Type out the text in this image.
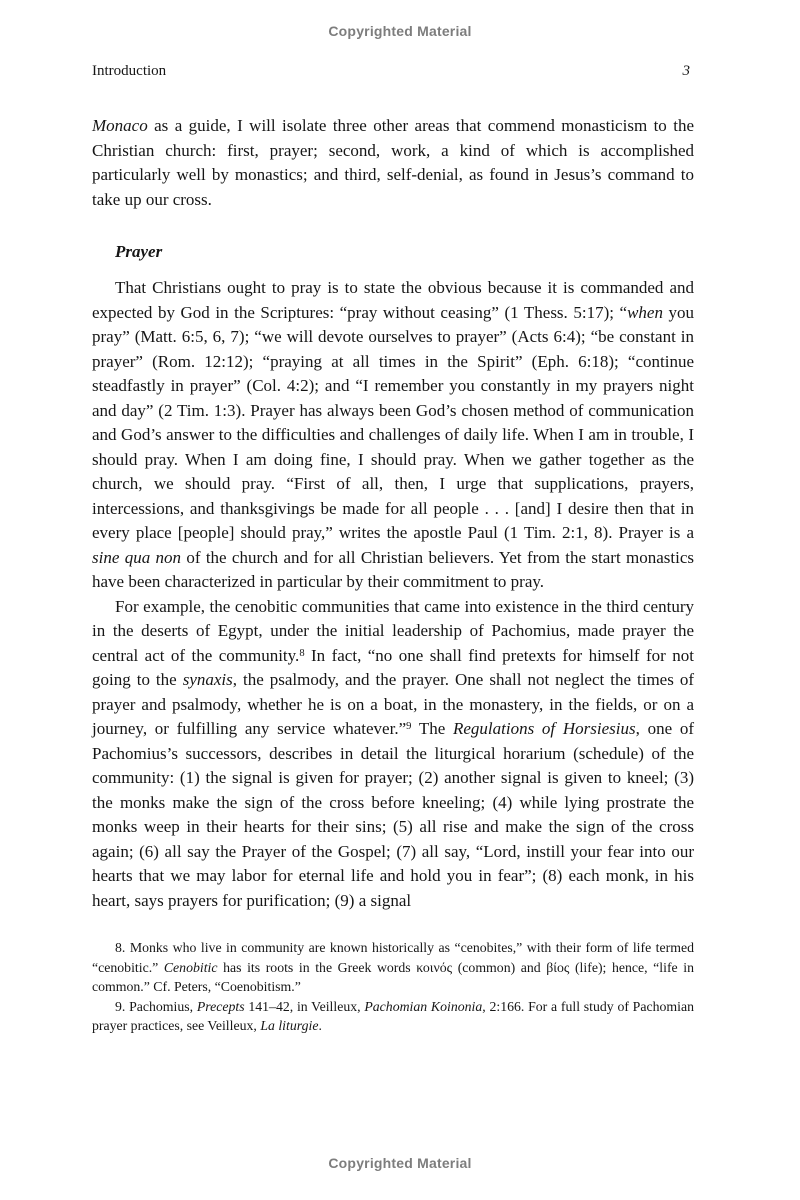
Copyrighted Material
Introduction	3

Monaco as a guide, I will isolate three other areas that commend monasticism to the Christian church: first, prayer; second, work, a kind of which is accomplished particularly well by monastics; and third, self-denial, as found in Jesus’s command to take up our cross.

Prayer

That Christians ought to pray is to state the obvious because it is commanded and expected by God in the Scriptures: “pray without ceasing” (1 Thess. 5:17); “when you pray” (Matt. 6:5, 6, 7); “we will devote ourselves to prayer” (Acts 6:4); “be constant in prayer” (Rom. 12:12); “praying at all times in the Spirit” (Eph. 6:18); “continue steadfastly in prayer” (Col. 4:2); and “I remember you constantly in my prayers night and day” (2 Tim. 1:3). Prayer has always been God’s chosen method of communication and God’s answer to the difficulties and challenges of daily life. When I am in trouble, I should pray. When I am doing fine, I should pray. When we gather together as the church, we should pray. “First of all, then, I urge that supplications, prayers, intercessions, and thanksgivings be made for all people . . . [and] I desire then that in every place [people] should pray,” writes the apostle Paul (1 Tim. 2:1, 8). Prayer is a sine qua non of the church and for all Christian believers. Yet from the start monastics have been characterized in particular by their commitment to pray.

For example, the cenobitic communities that came into existence in the third century in the deserts of Egypt, under the initial leadership of Pachomius, made prayer the central act of the community.$^8$ In fact, “no one shall find pretexts for himself for not going to the synaxis, the psalmody, and the prayer. One shall not neglect the times of prayer and psalmody, whether he is on a boat, in the monastery, in the fields, or on a journey, or fulfilling any service whatever.”$^9$ The Regulations of Horsiesius, one of Pachomius’s successors, describes in detail the liturgical horarium (schedule) of the community: (1) the signal is given for prayer; (2) another signal is given to kneel; (3) the monks make the sign of the cross before kneeling; (4) while lying prostrate the monks weep in their hearts for their sins; (5) all rise and make the sign of the cross again; (6) all say the Prayer of the Gospel; (7) all say, “Lord, instill your fear into our hearts that we may labor for eternal life and hold you in fear”; (8) each monk, in his heart, says prayers for purification; (9) a signal

8. Monks who live in community are known historically as “cenobites,” with their form of life termed “cenobitic.” Cenobitic has its roots in the Greek words κοινός (common) and βίος (life); hence, “life in common.” Cf. Peters, “Coenobitism.”

9. Pachomius, Precepts 141–42, in Veilleux, Pachomian Koinonia, 2:166. For a full study of Pachomian prayer practices, see Veilleux, La liturgie.

Copyrighted Material
